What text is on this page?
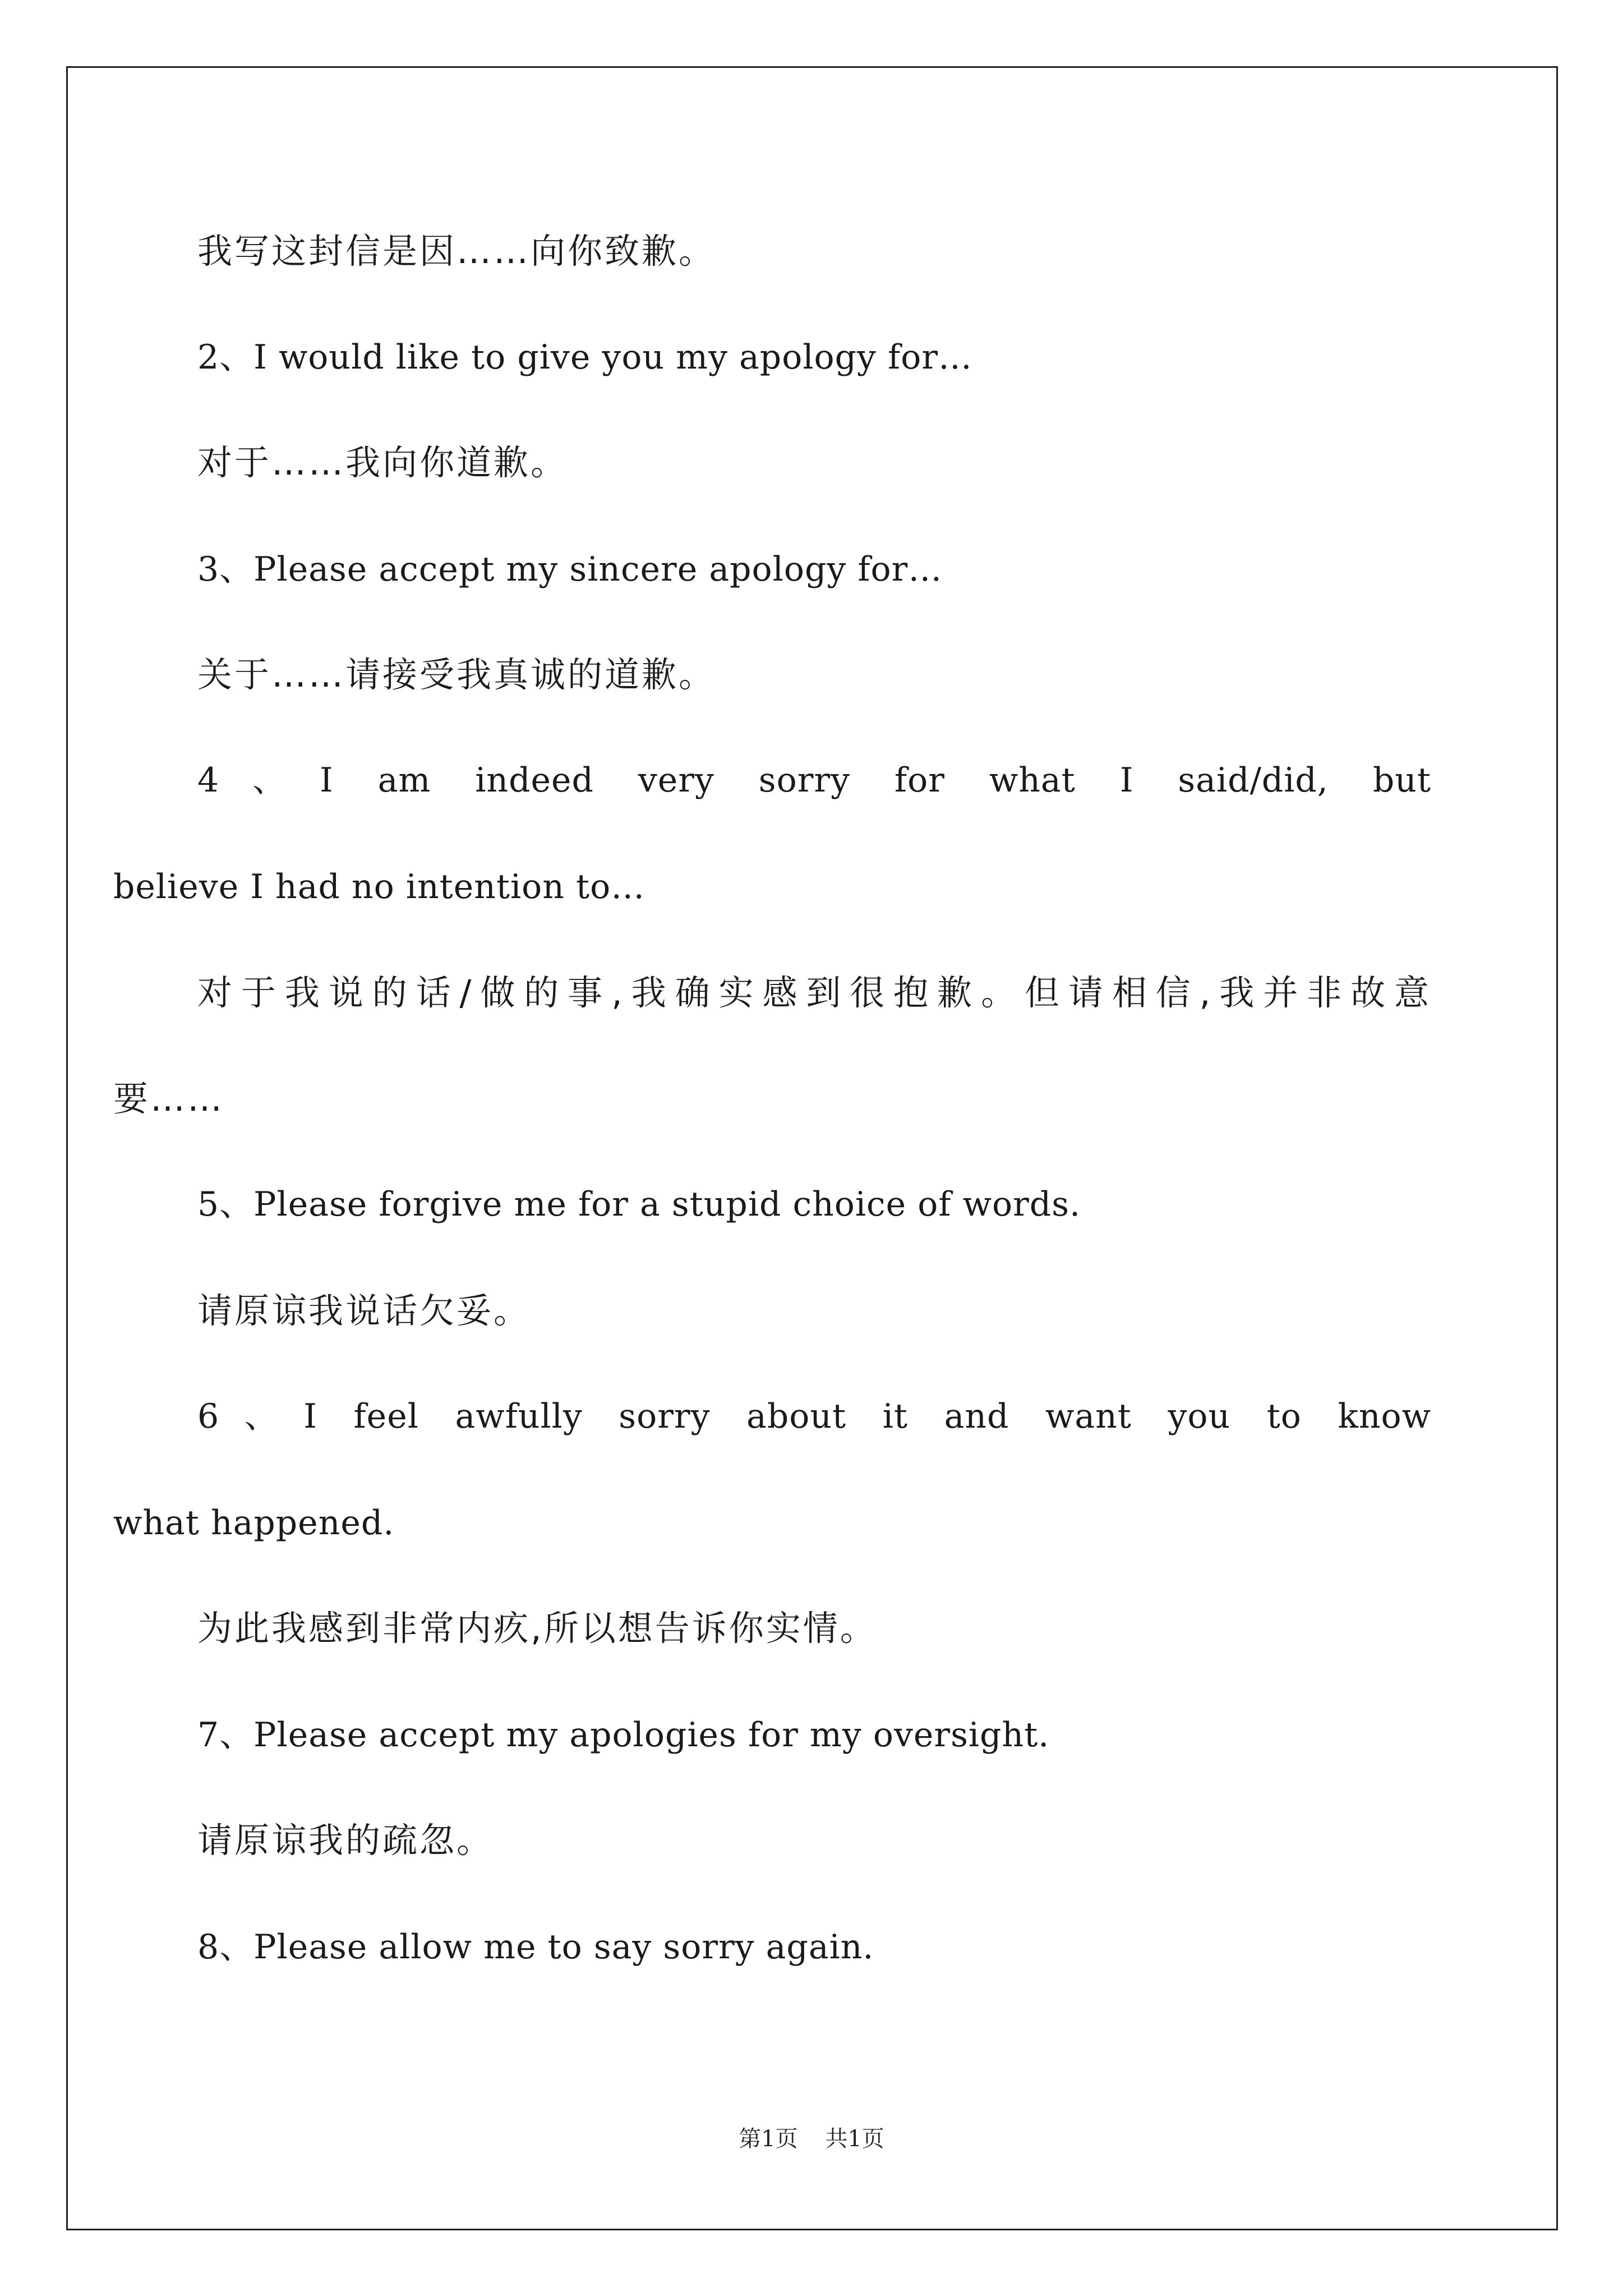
我写这封信是因……向你致歉。
2、I would like to give you my apology for…
对于……我向你道歉。
3、Please accept my sincere apology for…
关于……请接受我真诚的道歉。
4、I am indeed very sorry for what I said/did, but
believe I had no intention to…
对于我说的话/做的事,我确实感到很抱歉。但请相信,我并非故意
要……
5、Please forgive me for a stupid choice of words.
请原谅我说话欠妥。
6、I feel awfully sorry about it and want you to know
what happened.
为此我感到非常内疚,所以想告诉你实情。
7、Please accept my apologies for my oversight.
请原谅我的疏忽。
8、Please allow me to say sorry again.
第1页 共1页
